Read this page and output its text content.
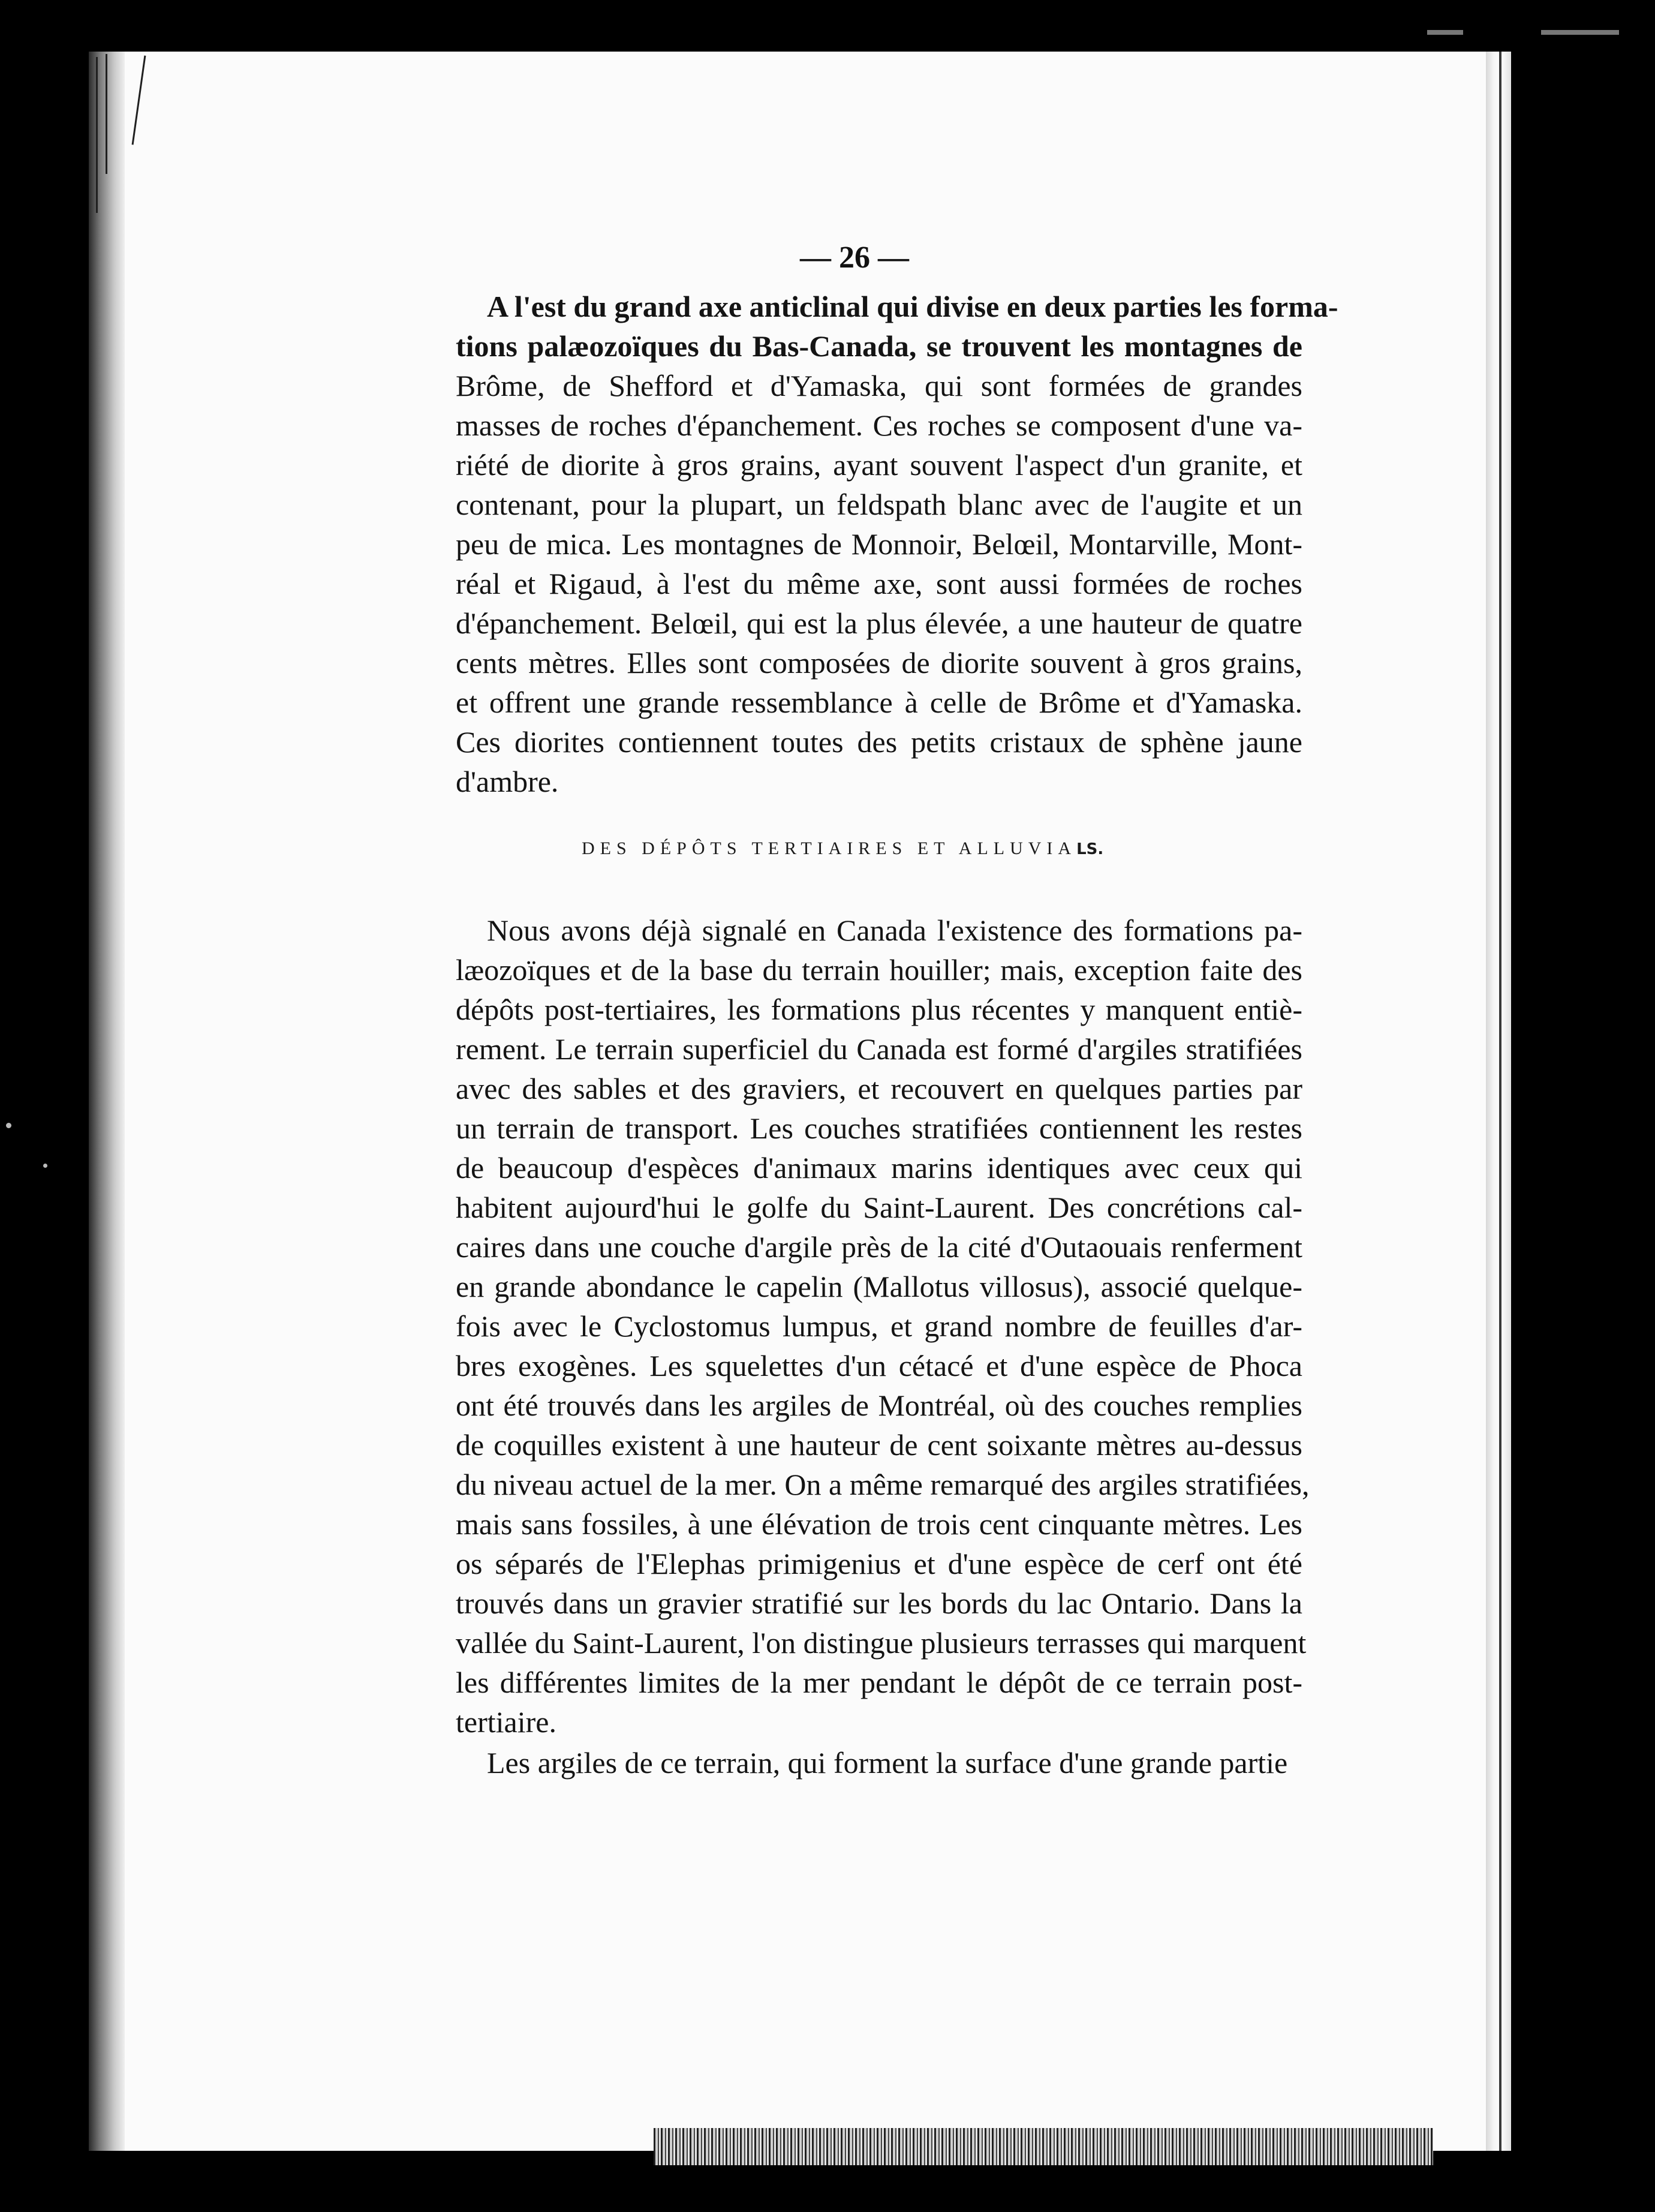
— 26 —
A l'est du grand axe anticlinal qui divise en deux parties les forma-
tions palæozoïques du Bas-Canada, se trouvent les montagnes de
Brôme, de Shefford et d'Yamaska, qui sont formées de grandes
masses de roches d'épanchement. Ces roches se composent d'une va-
riété de diorite à gros grains, ayant souvent l'aspect d'un granite, et
contenant, pour la plupart, un feldspath blanc avec de l'augite et un
peu de mica. Les montagnes de Monnoir, Belœil, Montarville, Mont-
réal et Rigaud, à l'est du même axe, sont aussi formées de roches
d'épanchement. Belœil, qui est la plus élevée, a une hauteur de quatre
cents mètres. Elles sont composées de diorite souvent à gros grains,
et offrent une grande ressemblance à celle de Brôme et d'Yamaska.
Ces diorites contiennent toutes des petits cristaux de sphène jaune
d'ambre.
DES DÉPÔTS TERTIAIRES ET ALLUVIALS.
Nous avons déjà signalé en Canada l'existence des formations pa-
læozoïques et de la base du terrain houiller; mais, exception faite des
dépôts post-tertiaires, les formations plus récentes y manquent entiè-
rement. Le terrain superficiel du Canada est formé d'argiles stratifiées
avec des sables et des graviers, et recouvert en quelques parties par
un terrain de transport. Les couches stratifiées contiennent les restes
de beaucoup d'espèces d'animaux marins identiques avec ceux qui
habitent aujourd'hui le golfe du Saint-Laurent. Des concrétions cal-
caires dans une couche d'argile près de la cité d'Outaouais renferment
en grande abondance le capelin (Mallotus villosus), associé quelque-
fois avec le Cyclostomus lumpus, et grand nombre de feuilles d'ar-
bres exogènes. Les squelettes d'un cétacé et d'une espèce de Phoca
ont été trouvés dans les argiles de Montréal, où des couches remplies
de coquilles existent à une hauteur de cent soixante mètres au-dessus
du niveau actuel de la mer. On a même remarqué des argiles stratifiées,
mais sans fossiles, à une élévation de trois cent cinquante mètres. Les
os séparés de l'Elephas primigenius et d'une espèce de cerf ont été
trouvés dans un gravier stratifié sur les bords du lac Ontario. Dans la
vallée du Saint-Laurent, l'on distingue plusieurs terrasses qui marquent
les différentes limites de la mer pendant le dépôt de ce terrain post-
tertiaire.
Les argiles de ce terrain, qui forment la surface d'une grande partie
